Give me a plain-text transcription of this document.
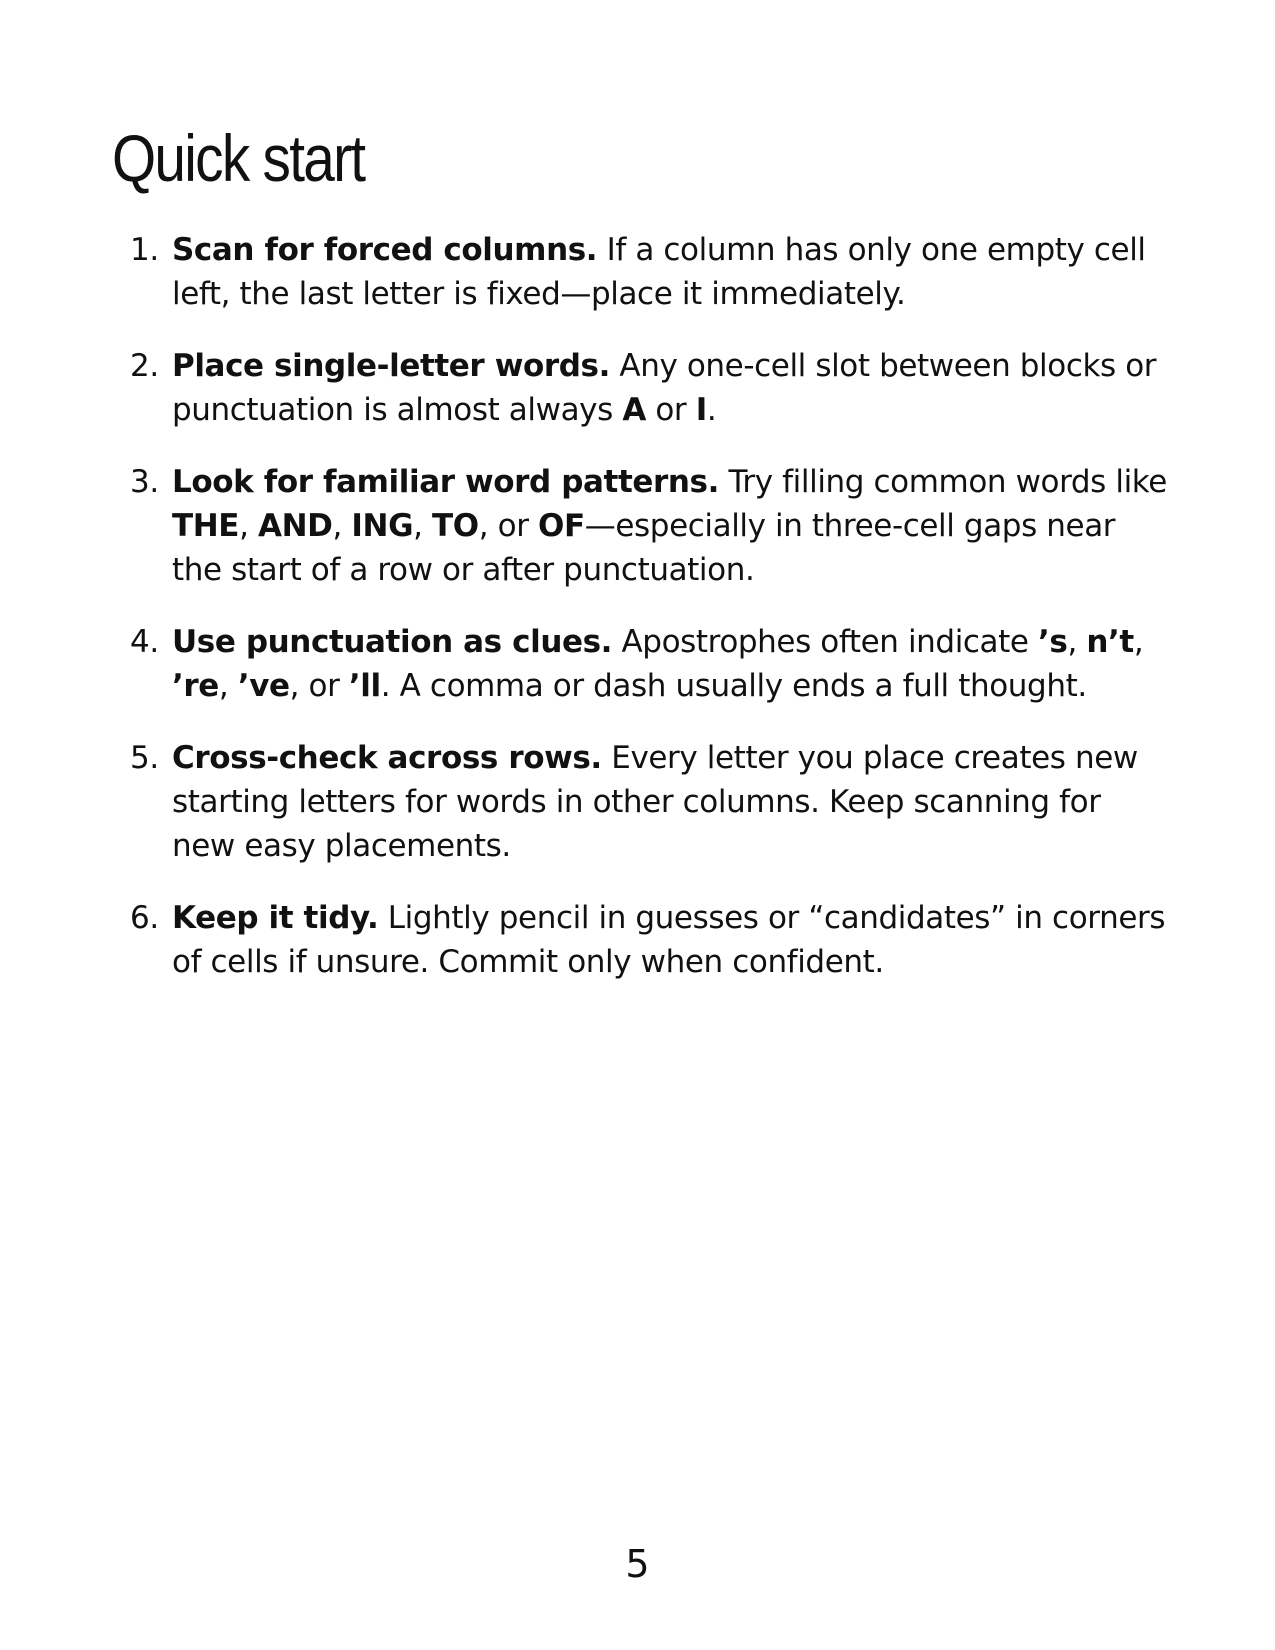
Quick start
1. Scan for forced columns. If a column has only one empty cell left, the last letter is fixed—place it immediately.
2. Place single-letter words. Any one-cell slot between blocks or punctuation is almost always A or I.
3. Look for familiar word patterns. Try filling common words like THE, AND, ING, TO, or OF—especially in three-cell gaps near the start of a row or after punctuation.
4. Use punctuation as clues. Apostrophes often indicate ’s, n’t, ’re, ’ve, or ’ll. A comma or dash usually ends a full thought.
5. Cross-check across rows. Every letter you place creates new starting letters for words in other columns. Keep scanning for new easy placements.
6. Keep it tidy. Lightly pencil in guesses or “candidates” in corners of cells if unsure. Commit only when confident.
5
